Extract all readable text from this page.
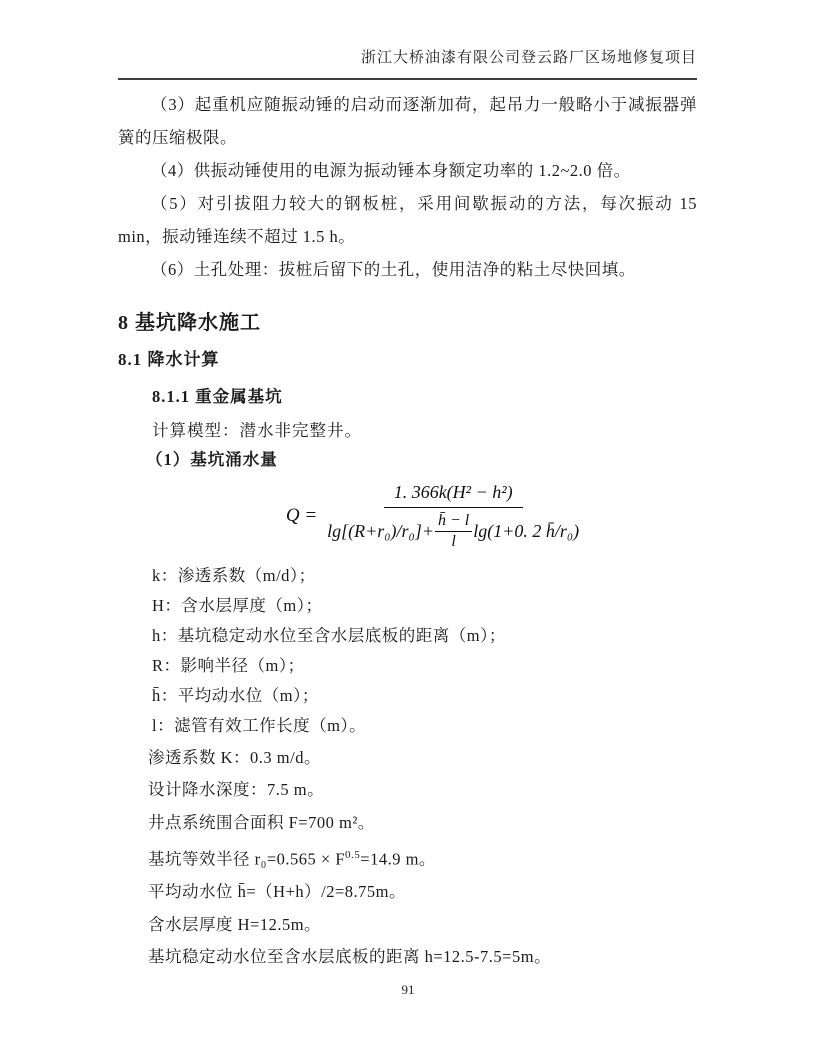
浙江大桥油漆有限公司登云路厂区场地修复项目

（3）起重机应随振动锤的启动而逐渐加荷，起吊力一般略小于减振器弹簧的压缩极限。

（4）供振动锤使用的电源为振动锤本身额定功率的 1.2~2.0 倍。

（5）对引拔阻力较大的钢板桩，采用间歇振动的方法，每次振动 15 min，振动锤连续不超过 1.5 h。

（6）土孔处理：拔桩后留下的土孔，使用洁净的粘土尽快回填。

8 基坑降水施工
8.1 降水计算
8.1.1 重金属基坑
计算模型：潜水非完整井。
（1）基坑涌水量
Q =
1. 366k(H² − h²)
$\lg[(R+r_0)/r_0]+ \frac{h̄ - l}{l} \lg(1+0$. 2 h̄/r₀)
k：渗透系数（m/d）；
H：含水层厚度（m）；
h：基坑稳定动水位至含水层底板的距离（m）；
R：影响半径（m）；
h̄：平均动水位（m）；
l：滤管有效工作长度（m）。
渗透系数 K：0.3 m/d。
设计降水深度：7.5 m。
井点系统围合面积 F=700 m²。
基坑等效半径 $r_0=0.565 \times F^{0.5}=14.9$ m。
平均动水位 h̄=（H+h）/2=8.75m。
含水层厚度 H=12.5m。
基坑稳定动水位至含水层底板的距离 h=12.5-7.5=5m。
91
